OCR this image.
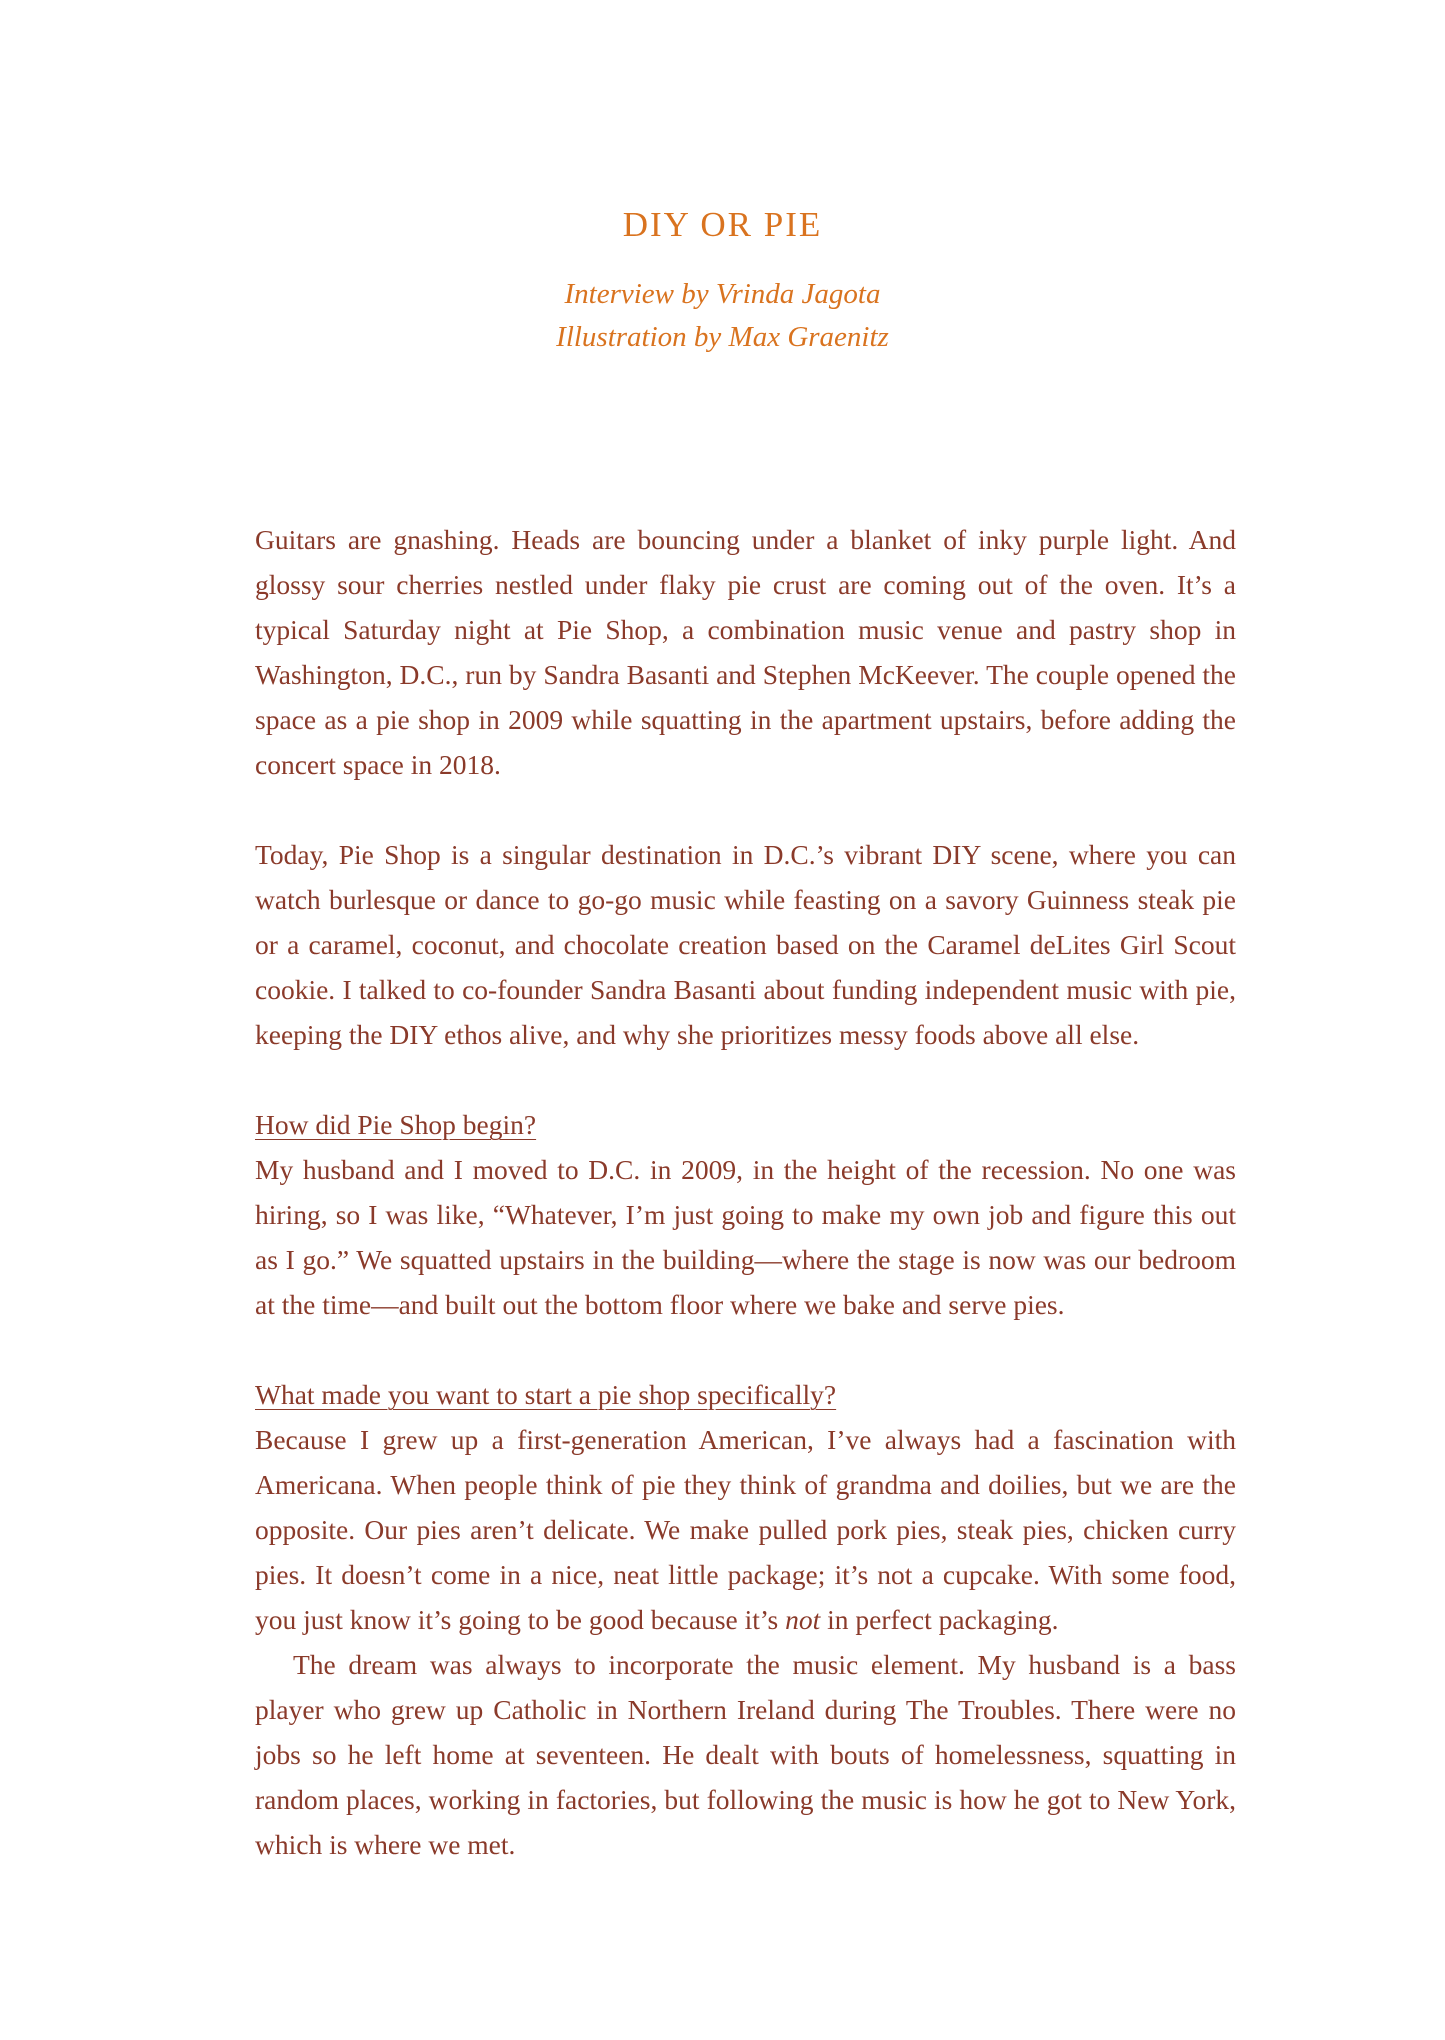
DIY OR PIE
Interview by Vrinda Jagota
Illustration by Max Graenitz

Guitars are gnashing. Heads are bouncing under a blanket of inky purple light. And glossy sour cherries nestled under flaky pie crust are coming out of the oven. It’s a typical Saturday night at Pie Shop, a combination music venue and pastry shop in Washington, D.C., run by Sandra Basanti and Stephen McKeever. The couple opened the space as a pie shop in 2009 while squatting in the apartment upstairs, before adding the concert space in 2018.

Today, Pie Shop is a singular destination in D.C.’s vibrant DIY scene, where you can watch burlesque or dance to go-go music while feasting on a savory Guinness steak pie or a caramel, coconut, and chocolate creation based on the Caramel deLites Girl Scout cookie. I talked to co-founder Sandra Basanti about funding independent music with pie, keeping the DIY ethos alive, and why she prioritizes messy foods above all else.

How did Pie Shop begin?

My husband and I moved to D.C. in 2009, in the height of the recession. No one was hiring, so I was like, “Whatever, I’m just going to make my own job and figure this out as I go.” We squatted upstairs in the building—where the stage is now was our bedroom at the time—and built out the bottom floor where we bake and serve pies.

What made you want to start a pie shop specifically?

Because I grew up a first-generation American, I’ve always had a fascination with Americana. When people think of pie they think of grandma and doilies, but we are the opposite. Our pies aren’t delicate. We make pulled pork pies, steak pies, chicken curry pies. It doesn’t come in a nice, neat little package; it’s not a cupcake. With some food, you just know it’s going to be good because it’s not in perfect packaging.

The dream was always to incorporate the music element. My husband is a bass player who grew up Catholic in Northern Ireland during The Troubles. There were no jobs so he left home at seventeen. He dealt with bouts of homelessness, squatting in random places, working in factories, but following the music is how he got to New York, which is where we met.
